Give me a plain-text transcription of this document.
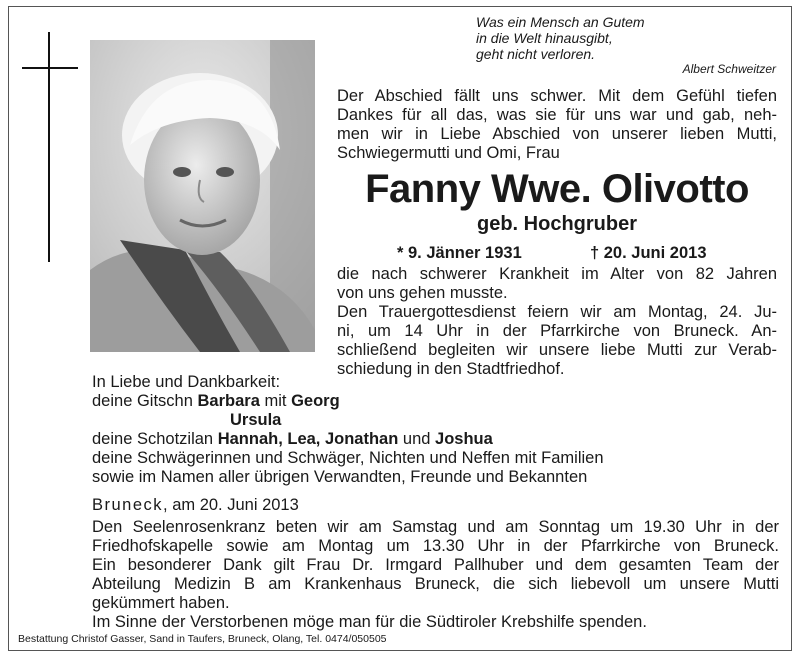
Was ein Mensch an Gutem
in die Welt hinausgibt,
geht nicht verloren.
Albert Schweitzer
Der Abschied fällt uns schwer. Mit dem Gefühl tiefen
Dankes für all das, was sie für uns war und gab, neh-
men wir in Liebe Abschied von unserer lieben Mutti,
Schwiegermutti und Omi, Frau
Fanny Wwe. Olivotto
geb. Hochgruber
* 9. Jänner 1931	† 20. Juni 2013
die nach schwerer Krankheit im Alter von 82 Jahren
von uns gehen musste.
Den Trauergottesdienst feiern wir am Montag, 24. Ju-
ni, um 14 Uhr in der Pfarrkirche von Bruneck. An-
schließend begleiten wir unsere liebe Mutti zur Verab-
schiedung in den Stadtfriedhof.
In Liebe und Dankbarkeit:
deine Gitschn Barbara mit Georg
Ursula
deine Schotzilan Hannah, Lea, Jonathan und Joshua
deine Schwägerinnen und Schwäger, Nichten und Neffen mit Familien
sowie im Namen aller übrigen Verwandten, Freunde und Bekannten
Bruneck, am 20. Juni 2013
Den Seelenrosenkranz beten wir am Samstag und am Sonntag um 19.30 Uhr in der
Friedhofskapelle sowie am Montag um 13.30 Uhr in der Pfarrkirche von Bruneck.
Ein besonderer Dank gilt Frau Dr. Irmgard Pallhuber und dem gesamten Team der
Abteilung Medizin B am Krankenhaus Bruneck, die sich liebevoll um unsere Mutti
gekümmert haben.
Im Sinne der Verstorbenen möge man für die Südtiroler Krebshilfe spenden.
Bestattung Christof Gasser, Sand in Taufers, Bruneck, Olang, Tel. 0474/050505
